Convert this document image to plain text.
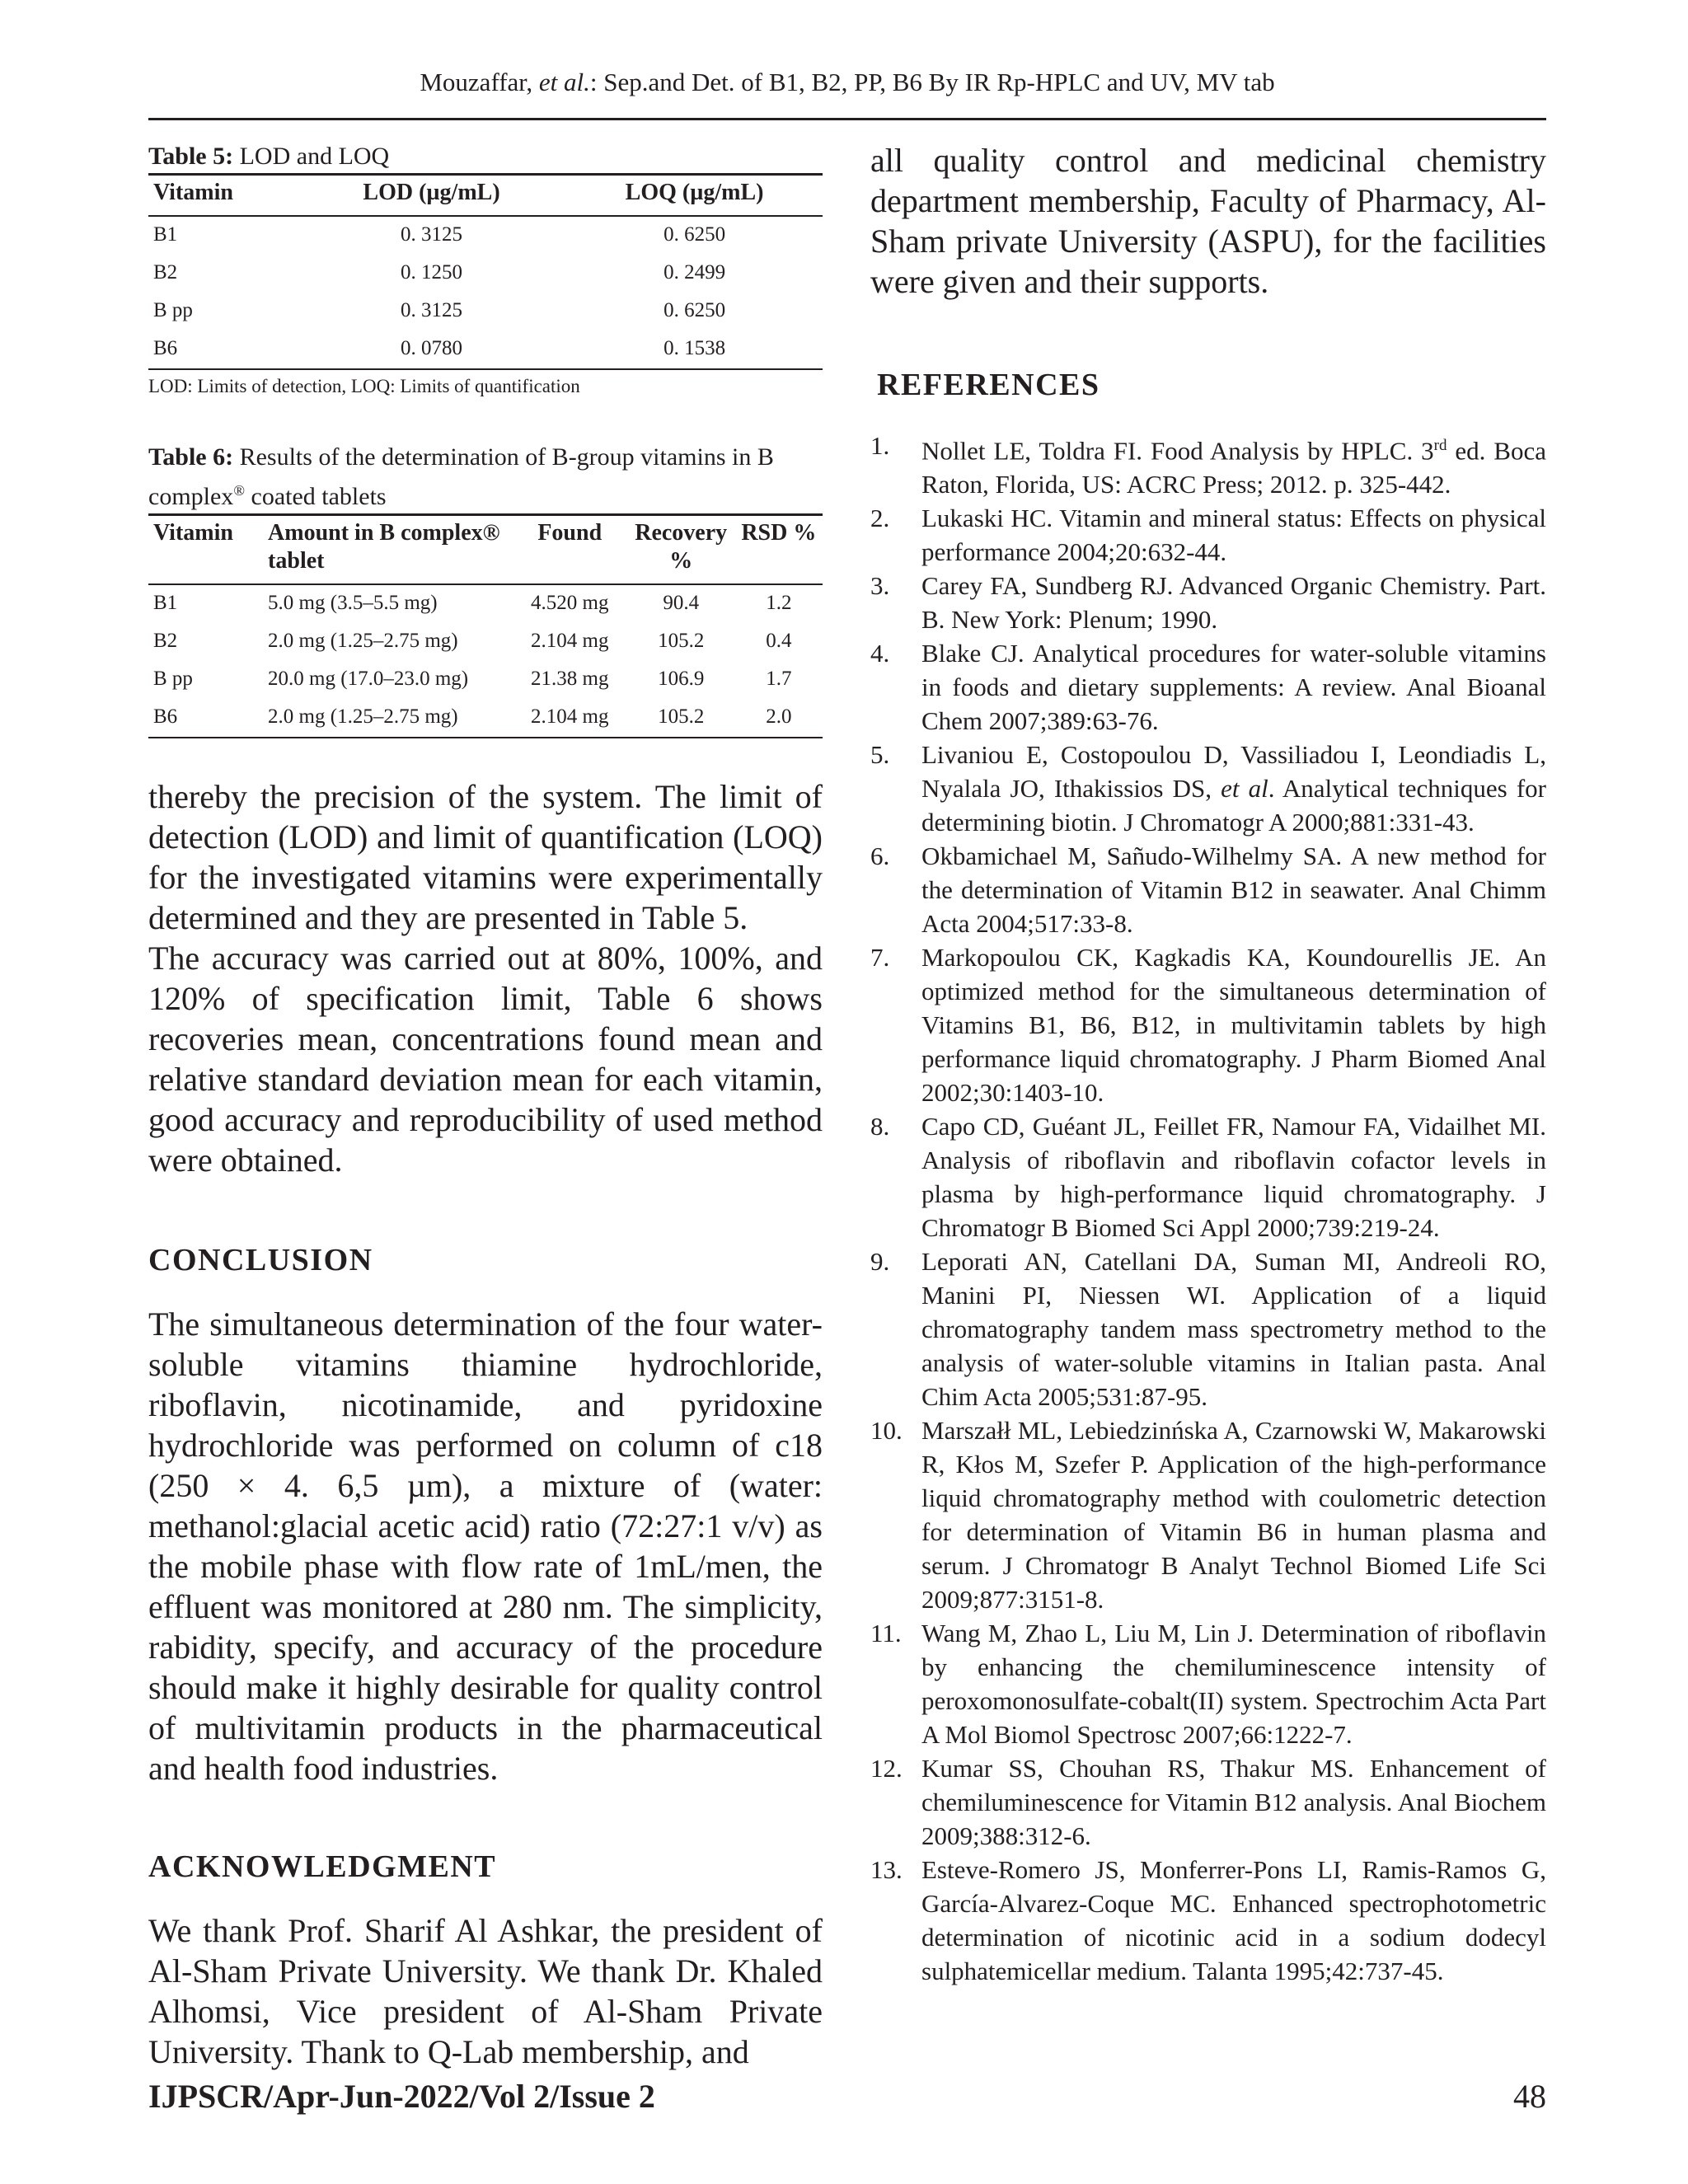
Mouzaffar, et al.: Sep.and Det. of B1, B2, PP, B6 By IR Rp-HPLC and UV, MV tab
Table 5: LOD and LOQ
Vitamin	LOD (µg/mL)	LOQ (µg/mL)
B1	0. 3125	0. 6250
B2	0. 1250	0. 2499
B pp	0. 3125	0. 6250
B6	0. 0780	0. 1538
LOD: Limits of detection, LOQ: Limits of quantification
Table 6: Results of the determination of B-group vitamins in B complex® coated tablets
Vitamin	Amount in B complex® tablet	Found	Recovery %	RSD %
B1	5.0 mg (3.5–5.5 mg)	4.520 mg	90.4	1.2
B2	2.0 mg (1.25–2.75 mg)	2.104 mg	105.2	0.4
B pp	20.0 mg (17.0–23.0 mg)	21.38 mg	106.9	1.7
B6	2.0 mg (1.25–2.75 mg)	2.104 mg	105.2	2.0

thereby the precision of the system. The limit of detection (LOD) and limit of quantification (LOQ) for the investigated vitamins were experimentally determined and they are presented in Table 5.

The accuracy was carried out at 80%, 100%, and 120% of specification limit, Table 6 shows recoveries mean, concentrations found mean and relative standard deviation mean for each vitamin, good accuracy and reproducibility of used method were obtained.

CONCLUSION

The simultaneous determination of the four water-soluble vitamins thiamine hydrochloride, riboflavin, nicotinamide, and pyridoxine hydrochloride was performed on column of c18 (250 × 4. 6,5 µm), a mixture of (water: methanol:glacial acetic acid) ratio (72:27:1 v/v) as the mobile phase with flow rate of 1mL/men, the effluent was monitored at 280 nm. The simplicity, rabidity, specify, and accuracy of the procedure should make it highly desirable for quality control of multivitamin products in the pharmaceutical and health food industries.

ACKNOWLEDGMENT

We thank Prof. Sharif Al Ashkar, the president of Al-Sham Private University. We thank Dr. Khaled Alhomsi, Vice president of Al-Sham Private University. Thank to Q-Lab membership, and

all quality control and medicinal chemistry department membership, Faculty of Pharmacy, Al-Sham private University (ASPU), for the facilities were given and their supports.

REFERENCES
1.	Nollet LE, Toldra FI. Food Analysis by HPLC. 3rd ed. Boca Raton, Florida, US: ACRC Press; 2012. p. 325-442.
2.	Lukaski HC. Vitamin and mineral status: Effects on physical performance 2004;20:632-44.
3.	Carey FA, Sundberg RJ. Advanced Organic Chemistry. Part. B. New York: Plenum; 1990.
4.	Blake CJ. Analytical procedures for water-soluble vitamins in foods and dietary supplements: A review. Anal Bioanal Chem 2007;389:63-76.
5.	Livaniou E, Costopoulou D, Vassiliadou I, Leondiadis L, Nyalala JO, Ithakissios DS, et al. Analytical techniques for determining biotin. J Chromatogr A 2000;881:331-43.
6.	Okbamichael M, Sañudo-Wilhelmy SA. A new method for the determination of Vitamin B12 in seawater. Anal Chimm Acta 2004;517:33-8.
7.	Markopoulou CK, Kagkadis KA, Koundourellis JE. An optimized method for the simultaneous determination of Vitamins B1, B6, B12, in multivitamin tablets by high performance liquid chromatography. J Pharm Biomed Anal 2002;30:1403-10.
8.	Capo CD, Guéant JL, Feillet FR, Namour FA, Vidailhet MI. Analysis of riboflavin and riboflavin cofactor levels in plasma by high-performance liquid chromatography. J Chromatogr B Biomed Sci Appl 2000;739:219-24.
9.	Leporati AN, Catellani DA, Suman MI, Andreoli RO, Manini PI, Niessen WI. Application of a liquid chromatography tandem mass spectrometry method to the analysis of water-soluble vitamins in Italian pasta. Anal Chim Acta 2005;531:87-95.
10. Marszałł ML, Lebiedzinńska A, Czarnowski W, Makarowski R, Kłos M, Szefer P. Application of the high-performance liquid chromatography method with coulometric detection for determination of Vitamin B6 in human plasma and serum. J Chromatogr B Analyt Technol Biomed Life Sci 2009;877:3151-8.
11. Wang M, Zhao L, Liu M, Lin J. Determination of riboflavin by enhancing the chemiluminescence intensity of peroxomonosulfate-cobalt(II) system. Spectrochim Acta Part A Mol Biomol Spectrosc 2007;66:1222-7.
12. Kumar SS, Chouhan RS, Thakur MS. Enhancement of chemiluminescence for Vitamin B12 analysis. Anal Biochem 2009;388:312-6.
13. Esteve-Romero JS, Monferrer-Pons LI, Ramis-Ramos G, García-Alvarez-Coque MC. Enhanced spectrophotometric determination of nicotinic acid in a sodium dodecyl sulphatemicellar medium. Talanta 1995;42:737-45.
IJPSCR/Apr-Jun-2022/Vol 2/Issue 2	48
